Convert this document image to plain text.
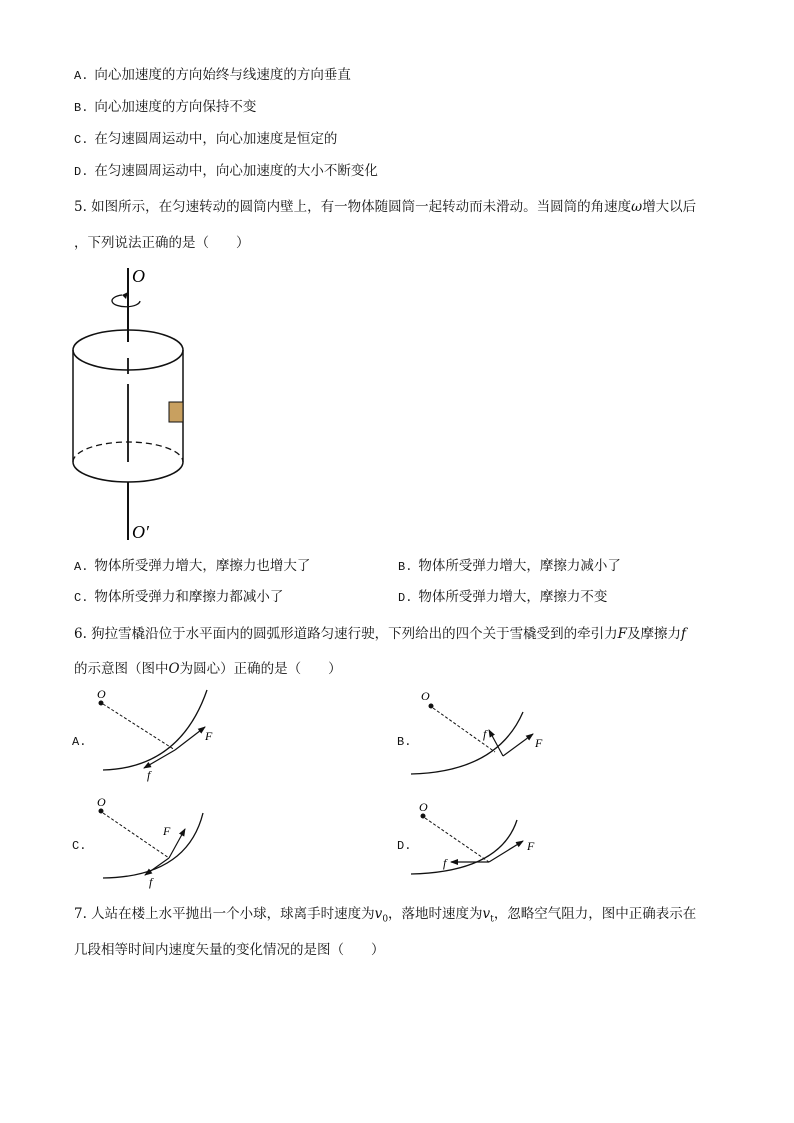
A. 向心加速度的方向始终与线速度的方向垂直
B. 向心加速度的方向保持不变
C. 在匀速圆周运动中，向心加速度是恒定的
D. 在匀速圆周运动中，向心加速度的大小不断变化
5. 如图所示，在匀速转动的圆筒内壁上，有一物体随圆筒一起转动而未滑动。当圆筒的角速度ω增大以后
，下列说法正确的是（　　）
O
O′
A. 物体所受弹力增大，摩擦力也增大了	B. 物体所受弹力增大，摩擦力减小了
C. 物体所受弹力和摩擦力都减小了	D. 物体所受弹力增大，摩擦力不变
6. 狗拉雪橇沿位于水平面内的圆弧形道路匀速行驶，下列给出的四个关于雪橇受到的牵引力F及摩擦力f
的示意图（图中O为圆心）正确的是（　　）
A.
O
F
f
B.
O
f
F
C.
O
F
f
D.
O
f
F
7. 人站在楼上水平抛出一个小球，球离手时速度为$v_0$，落地时速度为$v_t$，忽略空气阻力，图中正确表示在
几段相等时间内速度矢量的变化情况的是图（　　）
